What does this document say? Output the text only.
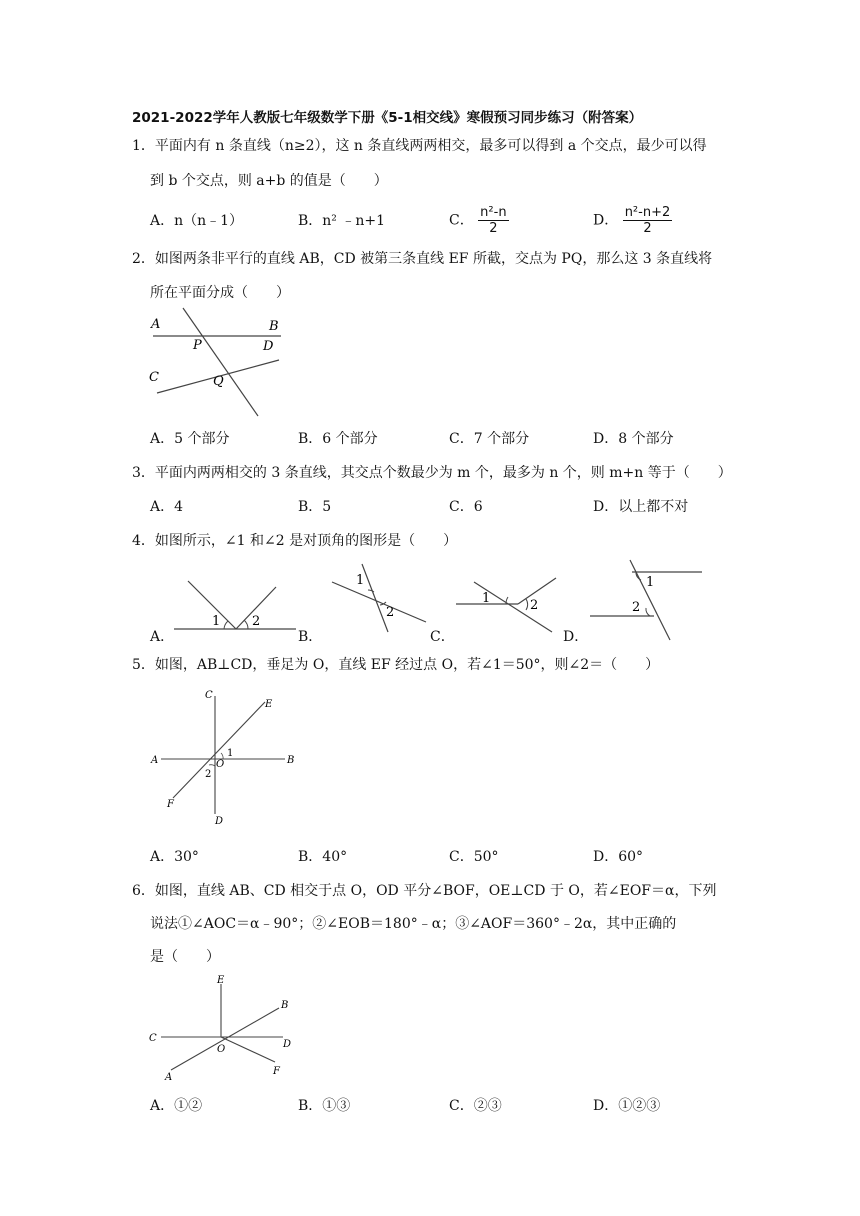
2021-2022学年人教版七年级数学下册《5-1相交线》寒假预习同步练习（附答案）
1．平面内有 n 条直线（n≥2），这 n 条直线两两相交，最多可以得到 a 个交点，最少可以得
到 b 个交点，则 a+b 的值是（　　）
A．n（n﹣1）	B．n² ﹣n+1	C． $\frac{\text{n²-n}}{2}$	D． $\frac{\text{n²-n+2}}{2}$
2．如图两条非平行的直线 AB，CD 被第三条直线 EF 所截，交点为 PQ，那么这 3 条直线将
所在平面分成（　　）
A	B
P	D
C	Q
A．5 个部分	B．6 个部分	C．7 个部分	D．8 个部分
3．平面内两两相交的 3 条直线，其交点个数最少为 m 个，最多为 n 个，则 m+n 等于（　　）
A．4	B．5	C．6	D．以上都不对
4．如图所示，∠1 和∠2 是对顶角的图形是（　　）
A．
1 2
B．
1
2
C．
1	2
D．
1
2
5．如图，AB⊥CD，垂足为 O，直线 EF 经过点 O，若∠1＝50°，则∠2＝（　　）
C
E
A	O
1
2
B
F
D
A．30°	B．40°	C．50°	D．60°
6．如图，直线 AB、CD 相交于点 O，OD 平分∠BOF，OE⊥CD 于 O，若∠EOF＝α，下列
说法①∠AOC＝α﹣90°；②∠EOB＝180°﹣α；③∠AOF＝360°﹣2α，其中正确的
是（　　）
E
B
C
O	D
A
F
A．①②	B．①③	C．②③	D．①②③
